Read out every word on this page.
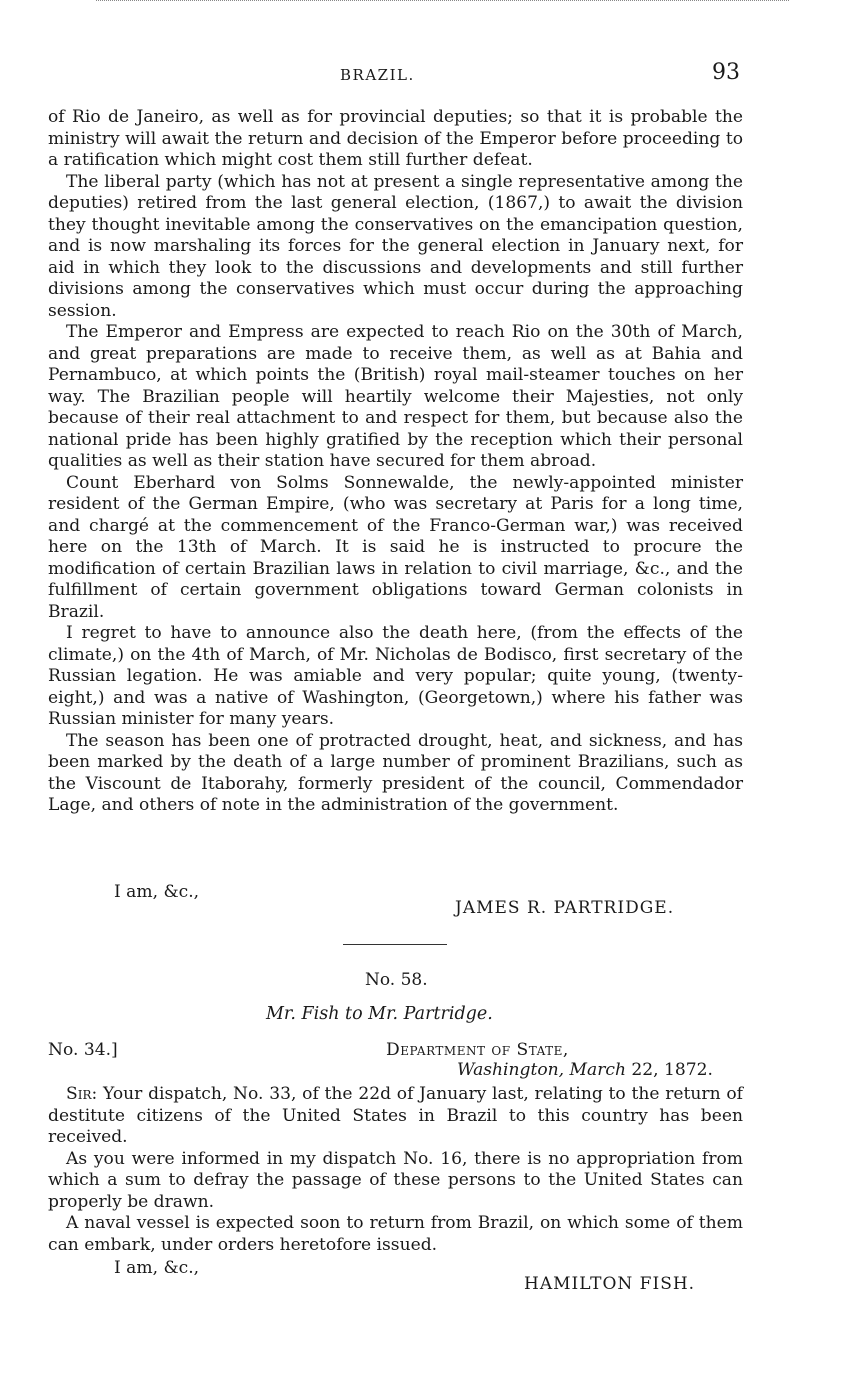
BRAZIL.	93

of Rio de Janeiro, as well as for provincial deputies; so that it is probable the ministry will await the return and decision of the Emperor before proceeding to a ratification which might cost them still further defeat.

The liberal party (which has not at present a single representative among the deputies) retired from the last general election, (1867,) to await the division they thought inevitable among the conservatives on the emancipation question, and is now marshaling its forces for the general election in January next, for aid in which they look to the discussions and developments and still further divisions among the conservatives which must occur during the approaching session.

The Emperor and Empress are expected to reach Rio on the 30th of March, and great preparations are made to receive them, as well as at Bahia and Pernambuco, at which points the (British) royal mail-steamer touches on her way. The Brazilian people will heartily welcome their Majesties, not only because of their real attachment to and respect for them, but because also the national pride has been highly gratified by the reception which their personal qualities as well as their station have secured for them abroad.

Count Eberhard von Solms Sonnewalde, the newly-appointed minister resident of the German Empire, (who was secretary at Paris for a long time, and chargé at the commencement of the Franco-German war,) was received here on the 13th of March. It is said he is instructed to procure the modification of certain Brazilian laws in relation to civil marriage, &c., and the fulfillment of certain government obligations toward German colonists in Brazil.

I regret to have to announce also the death here, (from the effects of the climate,) on the 4th of March, of Mr. Nicholas de Bodisco, first secretary of the Russian legation. He was amiable and very popular; quite young, (twenty-eight,) and was a native of Washington, (Georgetown,) where his father was Russian minister for many years.

The season has been one of protracted drought, heat, and sickness, and has been marked by the death of a large number of prominent Brazilians, such as the Viscount de Itaborahy, formerly president of the council, Commendador Lage, and others of note in the administration of the government.

I am, &c.,
JAMES R. PARTRIDGE.
No. 58.
Mr. Fish to Mr. Partridge.
No. 34.]	Department of State,
Washington, March 22, 1872.

Sir: Your dispatch, No. 33, of the 22d of January last, relating to the return of destitute citizens of the United States in Brazil to this country has been received.

As you were informed in my dispatch No. 16, there is no appropriation from which a sum to defray the passage of these persons to the United States can properly be drawn.

A naval vessel is expected soon to return from Brazil, on which some of them can embark, under orders heretofore issued.

I am, &c.,
HAMILTON FISH.
